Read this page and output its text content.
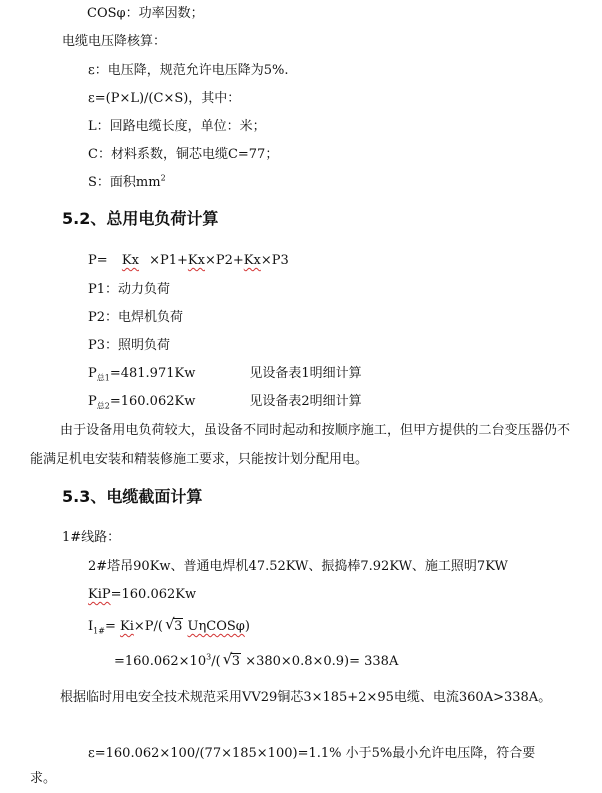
COSφ：功率因数；
电缆电压降核算：
ε：电压降，规范允许电压降为5%.
ε=(P×L)/(C×S)，其中：
L：回路电缆长度，单位：米；
C：材料系数，铜芯电缆C=77；
S：面积$mm^2$
5.2、总用电负荷计算
P= Kx ×P1+Kx×P2+Kx×P3
P1：动力负荷
P2：电焊机负荷
P3：照明负荷
$P_{总1}=481.971Kw$	见设备表1明细计算
$P_{总2}=160.062Kw$	见设备表2明细计算
由于设备用电负荷较大，虽设备不同时起动和按顺序施工，但甲方提供的二台变压器仍不能满足机电安装和精装修施工要求，只能按计划分配用电。
5.3、电缆截面计算
1#线路：
2#塔吊90Kw、普通电焊机47.52KW、振捣棒7.92KW、施工照明7KW
KiP=160.062Kw
$I_{1\#}= Ki\times P/$( √ 3 UηCOSφ)
$=160.062\times 10^3/$( √ 3 ×380×0.8×0.9)= 338A
根据临时用电安全技术规范采用VV29铜芯3×185+2×95电缆、电流360A>338A。
ε=160.062×100/(77×185×100)=1.1% 小于5%最小允许电压降，符合要
求。
